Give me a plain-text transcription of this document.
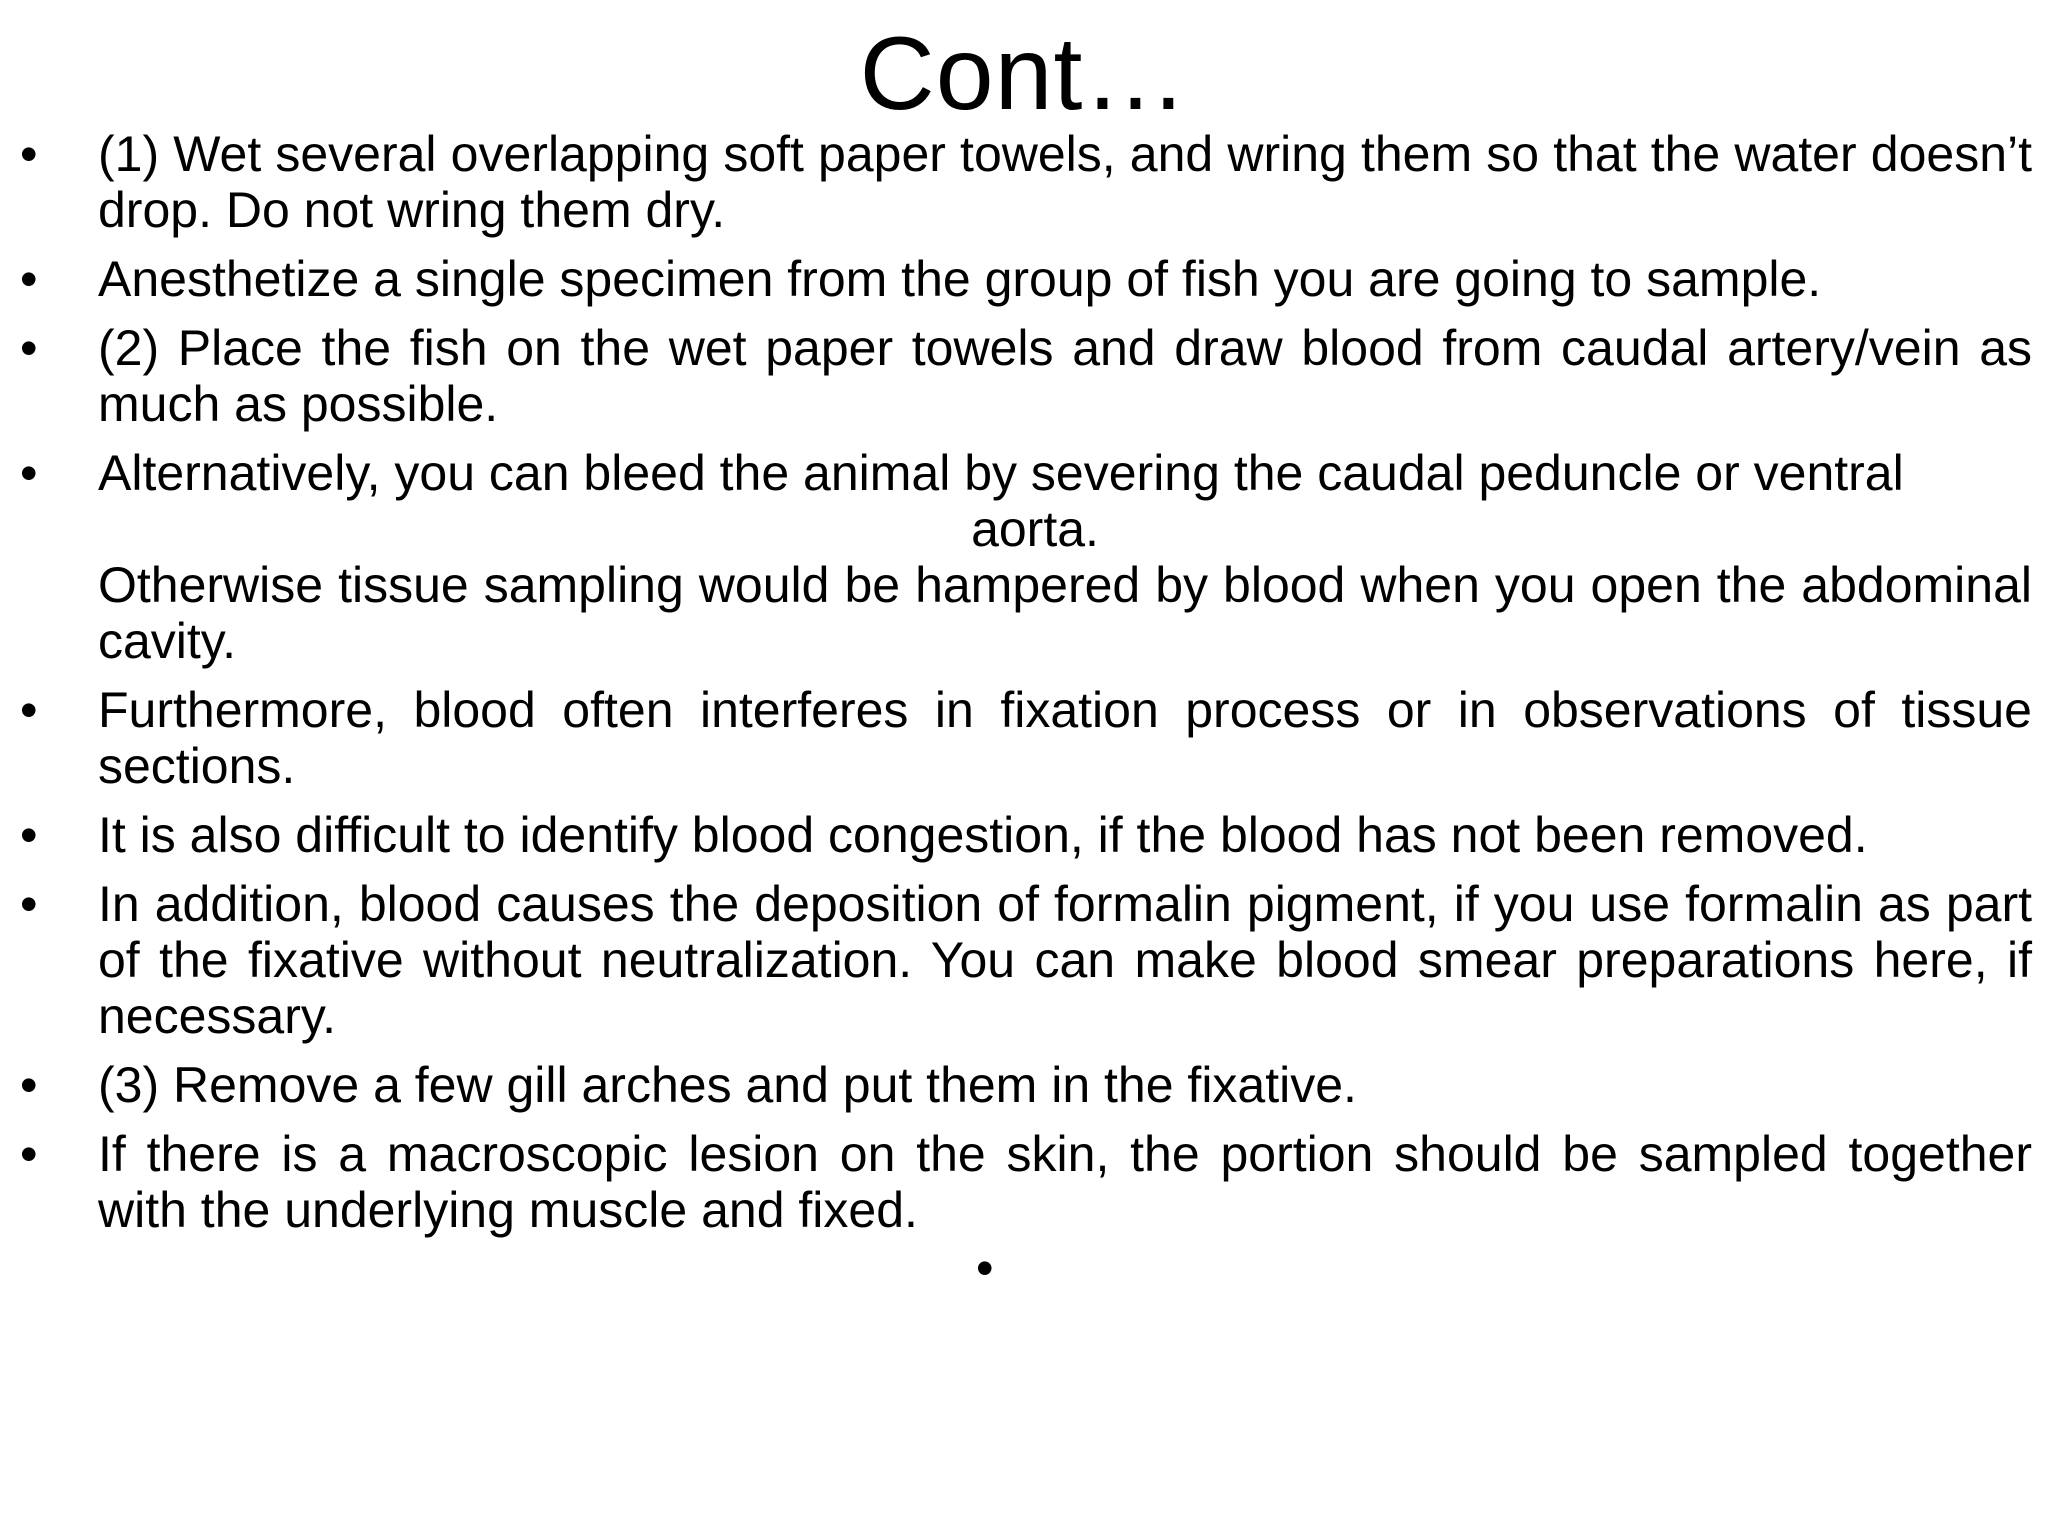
Cont…
•	(1) Wet several overlapping soft paper towels, and wring them so that the water doesn’t drop. Do not wring them dry.
•	Anesthetize a single specimen from the group of fish you are going to sample.
•	(2) Place the fish on the wet paper towels and draw blood from caudal artery/vein as much as possible.
•	Alternatively, you can bleed the animal by severing the caudal peduncle or ventral
aorta.
Otherwise tissue sampling would be hampered by blood when you open the abdominal cavity.
•	Furthermore, blood often interferes in fixation process or in observations of tissue sections.
•	It is also difficult to identify blood congestion, if the blood has not been removed.
•	In addition, blood causes the deposition of formalin pigment, if you use formalin as part of the fixative without neutralization. You can make blood smear preparations here, if necessary.
•	(3) Remove a few gill arches and put them in the fixative.
•	If there is a macroscopic lesion on the skin, the portion should be sampled together with the underlying muscle and fixed.
•
